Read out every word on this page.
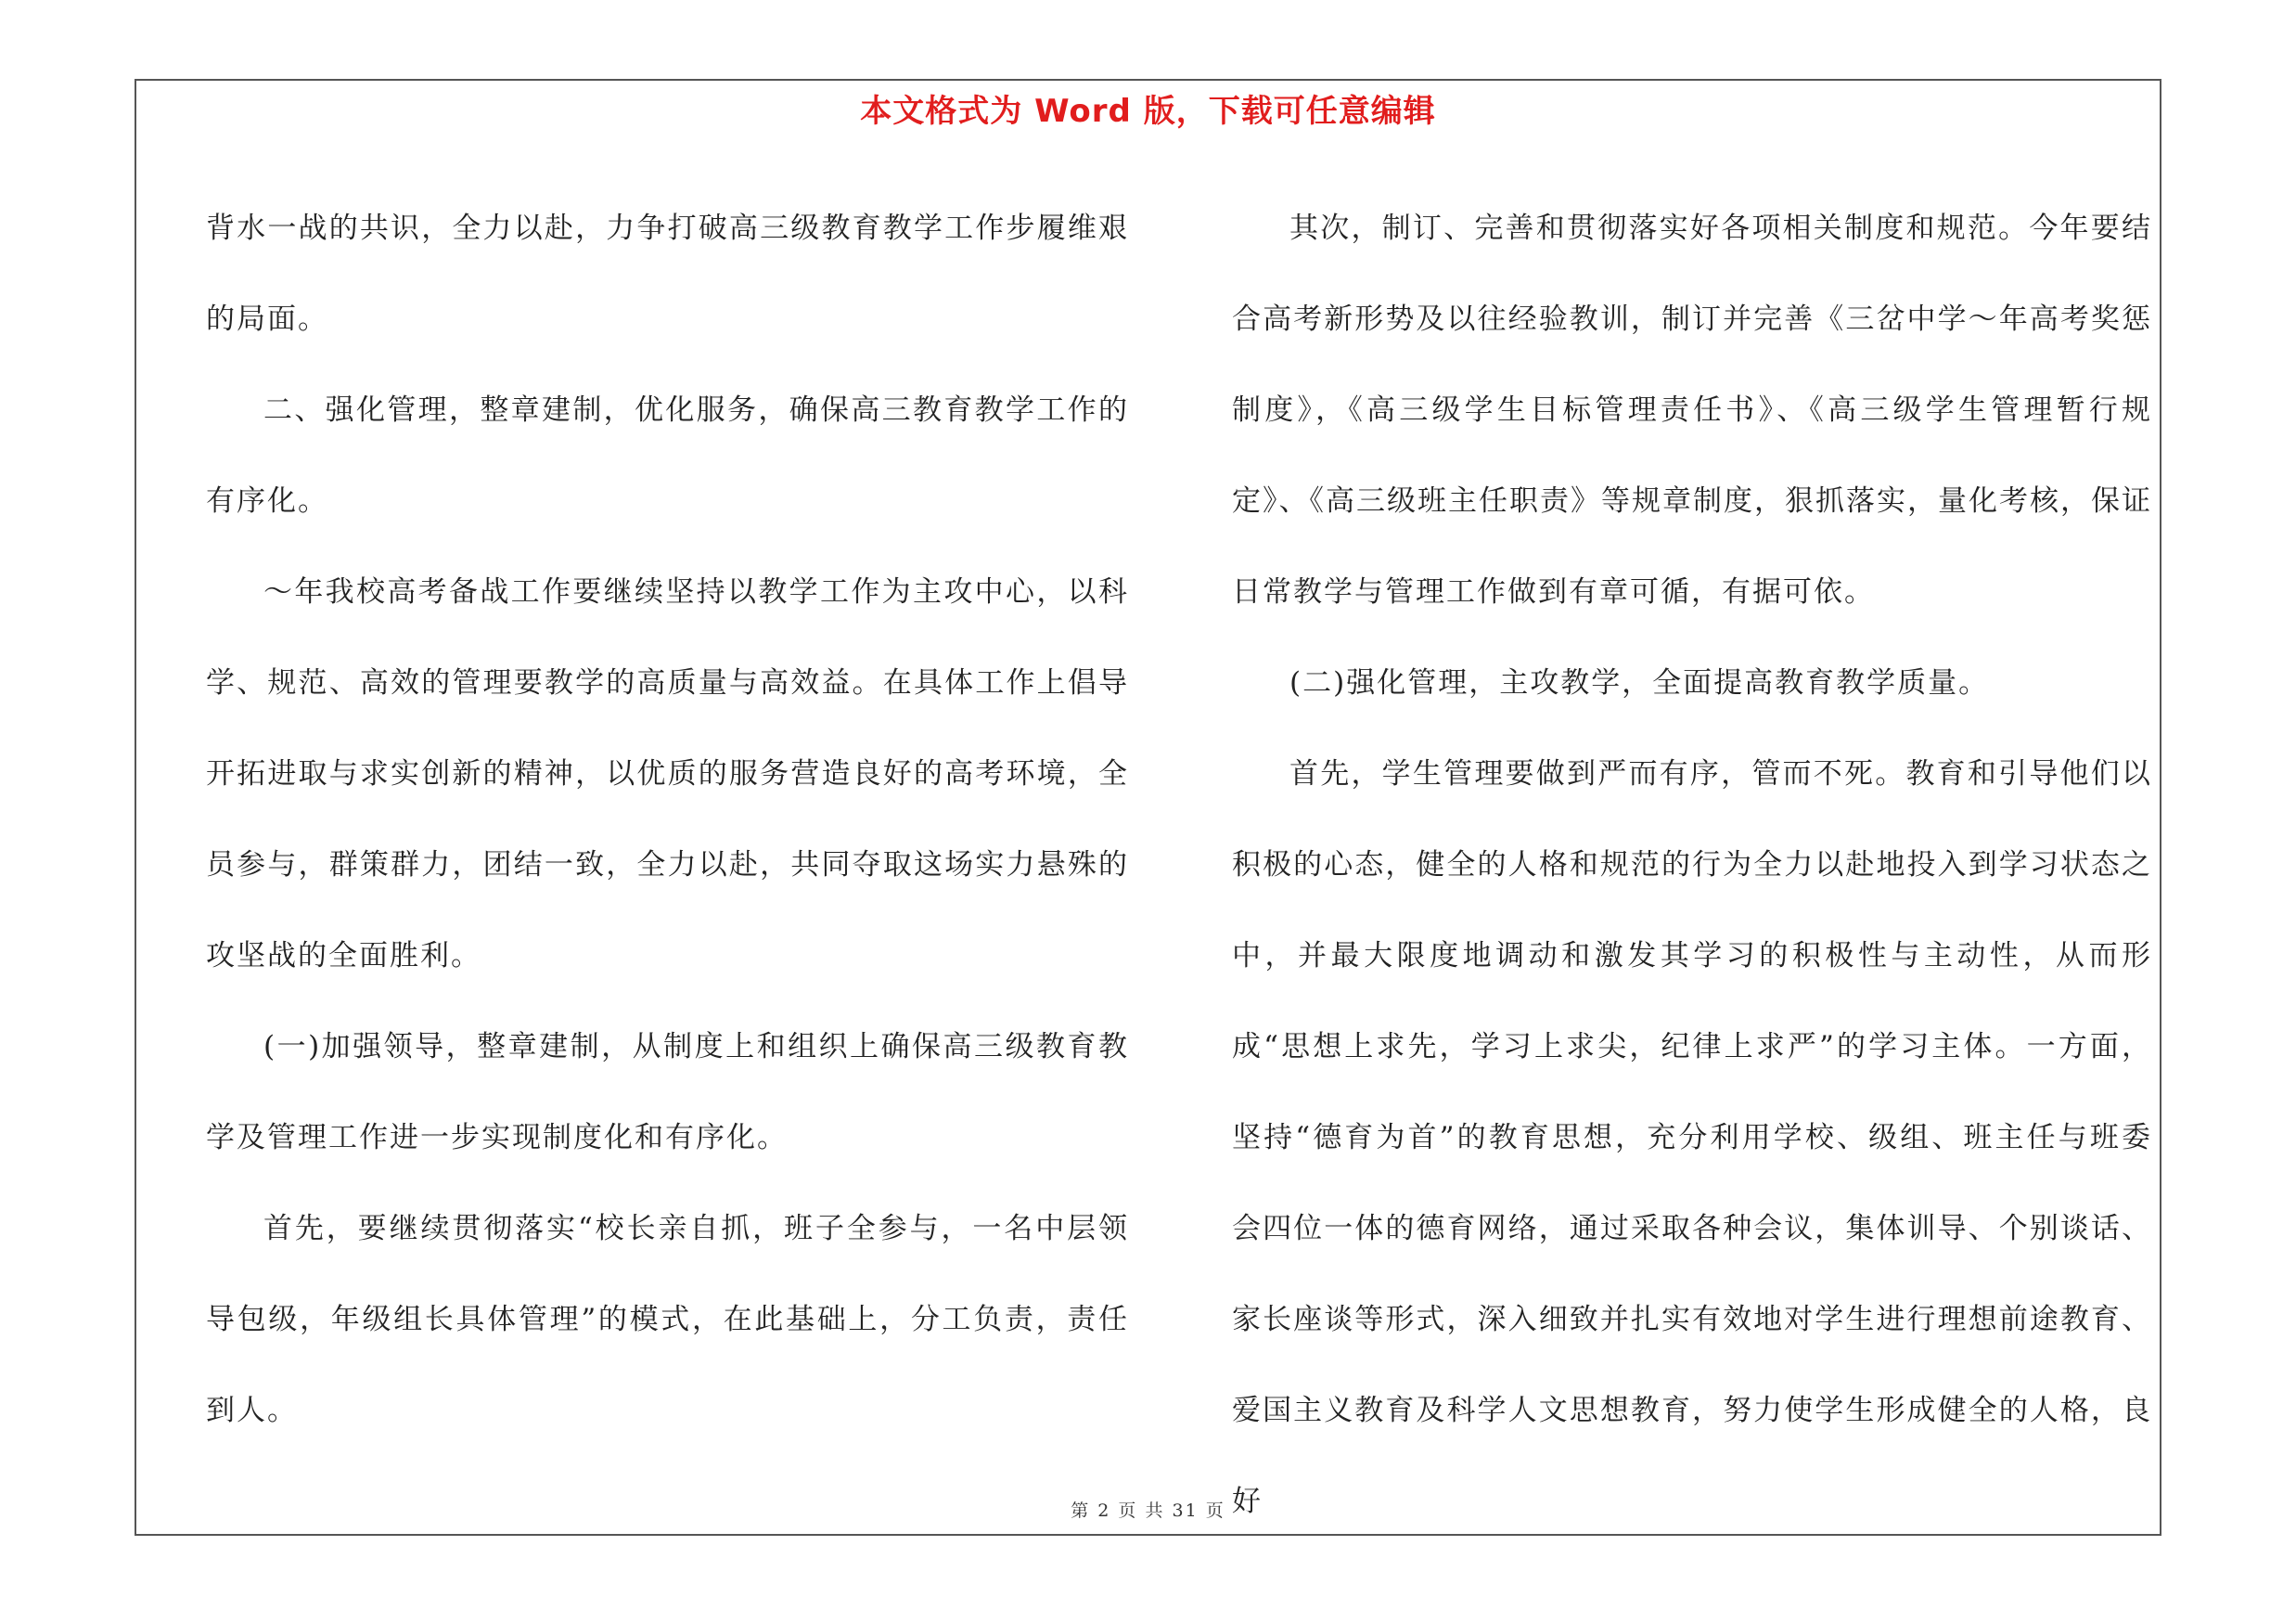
本文格式为 Word 版，下载可任意编辑

背水一战的共识，全力以赴，力争打破高三级教育教学工作步履维艰的局面。

二、强化管理，整章建制，优化服务，确保高三教育教学工作的有序化。

～年我校高考备战工作要继续坚持以教学工作为主攻中心，以科学、规范、高效的管理要教学的高质量与高效益。在具体工作上倡导开拓进取与求实创新的精神，以优质的服务营造良好的高考环境，全员参与，群策群力，团结一致，全力以赴，共同夺取这场实力悬殊的攻坚战的全面胜利。

(一)加强领导，整章建制，从制度上和组织上确保高三级教育教学及管理工作进一步实现制度化和有序化。

首先，要继续贯彻落实“校长亲自抓，班子全参与，一名中层领导包级，年级组长具体管理”的模式，在此基础上，分工负责，责任到人。

其次，制订、完善和贯彻落实好各项相关制度和规范。今年要结合高考新形势及以往经验教训，制订并完善《三岔中学～年高考奖惩制度》，《高三级学生目标管理责任书》、《高三级学生管理暂行规定》、《高三级班主任职责》等规章制度，狠抓落实，量化考核，保证日常教学与管理工作做到有章可循，有据可依。

(二)强化管理，主攻教学，全面提高教育教学质量。

首先，学生管理要做到严而有序，管而不死。教育和引导他们以积极的心态，健全的人格和规范的行为全力以赴地投入到学习状态之中，并最大限度地调动和激发其学习的积极性与主动性，从而形成“思想上求先，学习上求尖，纪律上求严”的学习主体。一方面，坚持“德育为首”的教育思想，充分利用学校、级组、班主任与班委会四位一体的德育网络，通过采取各种会议，集体训导、个别谈话、家长座谈等形式，深入细致并扎实有效地对学生进行理想前途教育、爱国主义教育及科学人文思想教育，努力使学生形成健全的人格，良好

第 2 页 共 31 页
